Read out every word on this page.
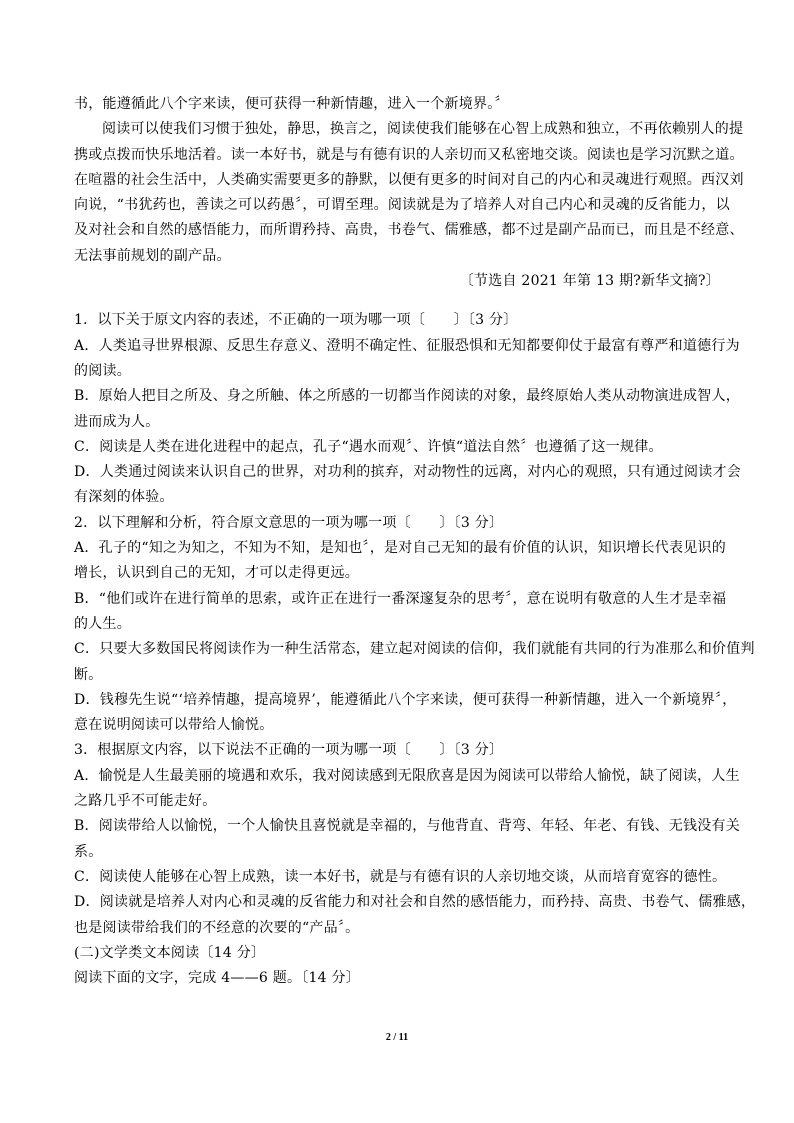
书，能遵循此八个字来读，便可获得一种新情趣，进入一个新境界。〞
阅读可以使我们习惯于独处，静思，换言之，阅读使我们能够在心智上成熟和独立，不再依赖别人的提
携或点拨而快乐地活着。读一本好书，就是与有德有识的人亲切而又私密地交谈。阅读也是学习沉默之道。
在喧嚣的社会生活中，人类确实需要更多的静默，以便有更多的时间对自己的内心和灵魂进行观照。西汉刘
向说，“书犹药也，善读之可以药愚〞，可谓至理。阅读就是为了培养人对自己内心和灵魂的反省能力，以
及对社会和自然的感悟能力，而所谓矜持、高贵，书卷气、儒雅感，都不过是副产品而已，而且是不经意、
无法事前规划的副产品。
〔节选自 2021 年第 13 期?新华文摘?〕
1．以下关于原文内容的表述，不正确的一项为哪一项〔　　〕〔3 分〕
A．人类追寻世界根源、反思生存意义、澄明不确定性、征服恐惧和无知都要仰仗于最富有尊严和道德行为
的阅读。
B．原始人把目之所及、身之所触、体之所感的一切都当作阅读的对象，最终原始人类从动物演进成智人，
进而成为人。
C．阅读是人类在进化进程中的起点，孔子“遇水而观〞、许慎“道法自然〞也遵循了这一规律。
D．人类通过阅读来认识自己的世界，对功利的摈弃，对动物性的远离，对内心的观照，只有通过阅读才会
有深刻的体验。
2．以下理解和分析，符合原文意思的一项为哪一项〔　　〕〔3 分〕
A．孔子的“知之为知之，不知为不知，是知也〞，是对自己无知的最有价值的认识，知识增长代表见识的
增长，认识到自己的无知，才可以走得更远。
B．“他们或许在进行简单的思索，或许正在进行一番深邃复杂的思考〞，意在说明有敬意的人生才是幸福
的人生。
C．只要大多数国民将阅读作为一种生活常态，建立起对阅读的信仰，我们就能有共同的行为准那么和价值判
断。
D．钱穆先生说“‘培养情趣，提高境界’，能遵循此八个字来读，便可获得一种新情趣，进入一个新境界〞，
意在说明阅读可以带给人愉悦。
3．根据原文内容，以下说法不正确的一项为哪一项〔　　〕〔3 分〕
A．愉悦是人生最美丽的境遇和欢乐，我对阅读感到无限欣喜是因为阅读可以带给人愉悦，缺了阅读，人生
之路几乎不可能走好。
B．阅读带给人以愉悦，一个人愉快且喜悦就是幸福的，与他背直、背弯、年轻、年老、有钱、无钱没有关
系。
C．阅读使人能够在心智上成熟，读一本好书，就是与有德有识的人亲切地交谈，从而培育宽容的德性。
D．阅读就是培养人对内心和灵魂的反省能力和对社会和自然的感悟能力，而矜持、高贵、书卷气、儒雅感，
也是阅读带给我们的不经意的次要的“产品〞。
(二)文学类文本阅读〔14 分〕
阅读下面的文字，完成 4——6 题。〔14 分〕
2 / 11
